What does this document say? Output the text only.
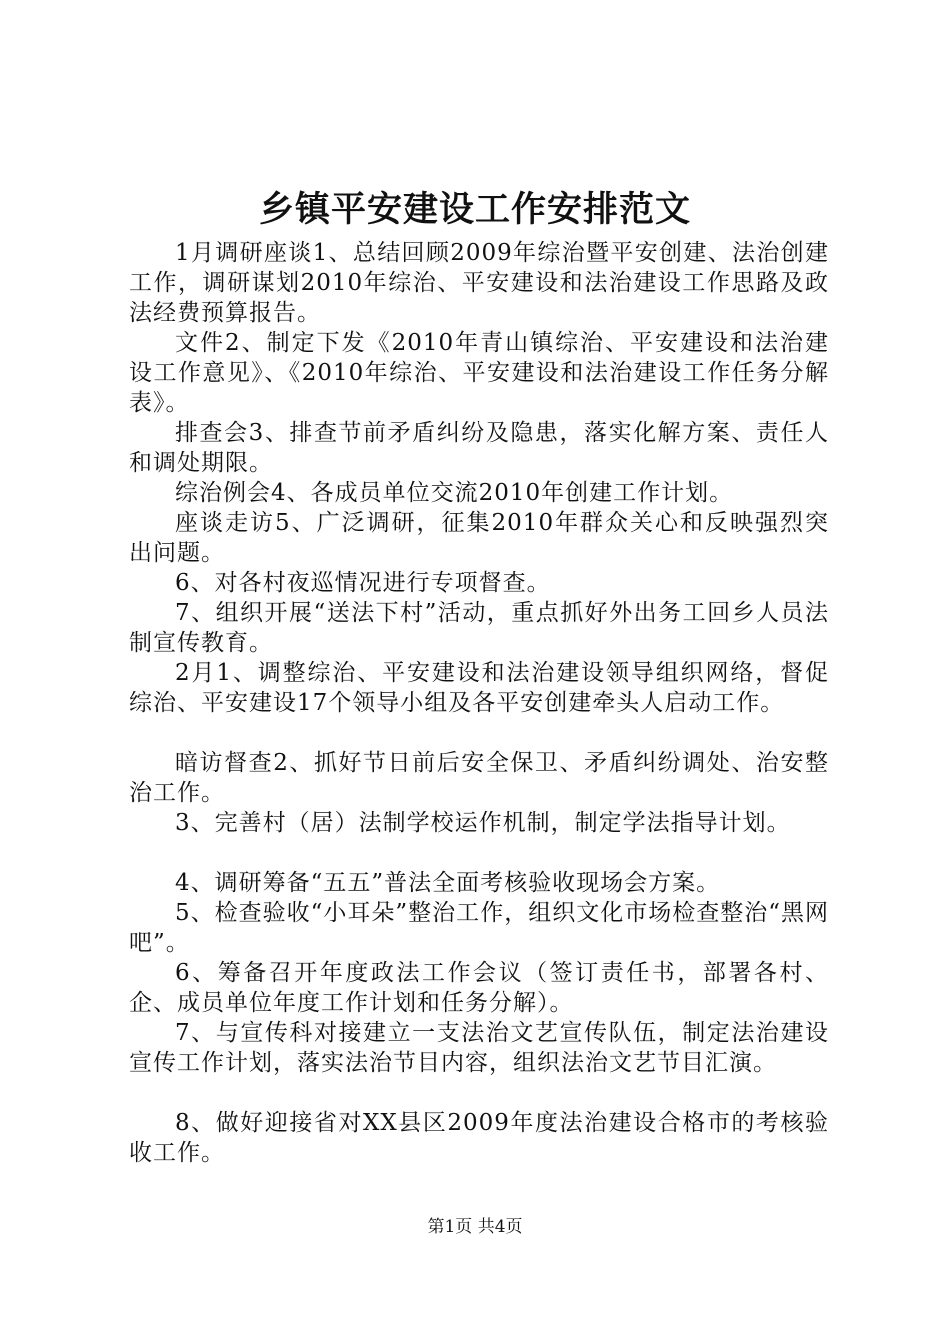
乡镇平安建设工作安排范文

1月调研座谈1、总结回顾2009年综治暨平安创建、法治创建工作，调研谋划2010年综治、平安建设和法治建设工作思路及政法经费预算报告。

文件2、制定下发《2010年青山镇综治、平安建设和法治建设工作意见》、《2010年综治、平安建设和法治建设工作任务分解表》。

排查会3、排查节前矛盾纠纷及隐患，落实化解方案、责任人和调处期限。

综治例会4、各成员单位交流2010年创建工作计划。

座谈走访5、广泛调研，征集2010年群众关心和反映强烈突出问题。

6、对各村夜巡情况进行专项督查。

7、组织开展“送法下村”活动，重点抓好外出务工回乡人员法制宣传教育。

2月1、调整综治、平安建设和法治建设领导组织网络，督促综治、平安建设17个领导小组及各平安创建牵头人启动工作。

暗访督查2、抓好节日前后安全保卫、矛盾纠纷调处、治安整治工作。

3、完善村（居）法制学校运作机制，制定学法指导计划。

4、调研筹备“五五”普法全面考核验收现场会方案。

5、检查验收“小耳朵”整治工作，组织文化市场检查整治“黑网吧”。

6、筹备召开年度政法工作会议（签订责任书，部署各村、企、成员单位年度工作计划和任务分解）。

7、与宣传科对接建立一支法治文艺宣传队伍，制定法治建设宣传工作计划，落实法治节目内容，组织法治文艺节目汇演。

8、做好迎接省对XX县区2009年度法治建设合格市的考核验收工作。

第1页 共4页
